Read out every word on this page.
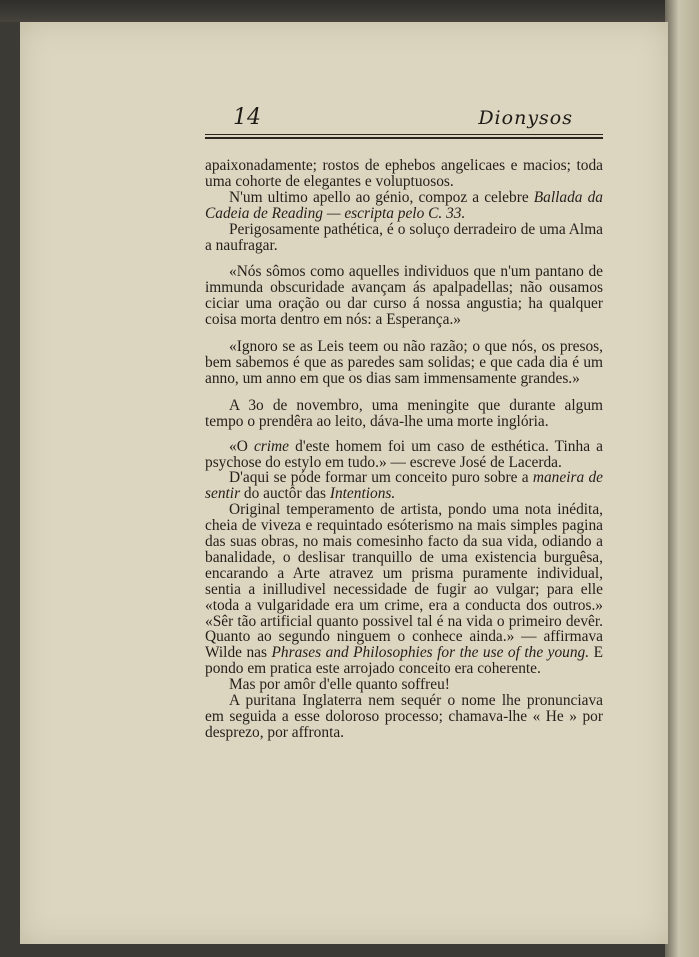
14	Dionysos

apaixonadamente; rostos de ephebos angelicaes e macios; toda uma cohorte de elegantes e voluptuosos.

N'um ultimo apello ao génio, compoz a celebre Ballada da Cadeia de Reading — escripta pelo C. 33.

Perigosamente pathética, é o soluço derradeiro de uma Alma a naufragar.

«Nós sômos como aquelles individuos que n'um pantano de immunda obscuridade avançam ás apalpadellas; não ousamos ciciar uma oração ou dar curso á nossa angustia; ha qualquer coisa morta dentro em nós: a Esperança.»

«Ignoro se as Leis teem ou não razão; o que nós, os presos, bem sabemos é que as paredes sam solidas; e que cada dia é um anno, um anno em que os dias sam immensamente grandes.»

A 3o de novembro, uma meningite que durante algum tempo o prendêra ao leito, dáva-lhe uma morte inglória.

«O crime d'este homem foi um caso de esthética. Tinha a psychose do estylo em tudo.» — escreve José de Lacerda.

D'aqui se póde formar um conceito puro sobre a maneira de sentir do auctôr das Intentions.

Original temperamento de artista, pondo uma nota inédita, cheia de viveza e requintado esóterismo na mais simples pagina das suas obras, no mais comesinho facto da sua vida, odiando a banalidade, o deslisar tranquillo de uma existencia burguêsa, encarando a Arte atravez um prisma puramente individual, sentia a inilludivel necessidade de fugir ao vulgar; para elle «toda a vulgaridade era um crime, era a conducta dos outros.» «Sêr tão artificial quanto possivel tal é na vida o primeiro devêr. Quanto ao segundo ninguem o conhece ainda.» — affirmava Wilde nas Phrases and Philosophies for the use of the young. E pondo em pratica este arrojado conceito era coherente.

Mas por amôr d'elle quanto soffreu!

A puritana Inglaterra nem sequér o nome lhe pronunciava em seguida a esse doloroso processo; chamava-lhe « He » por desprezo, por affronta.
